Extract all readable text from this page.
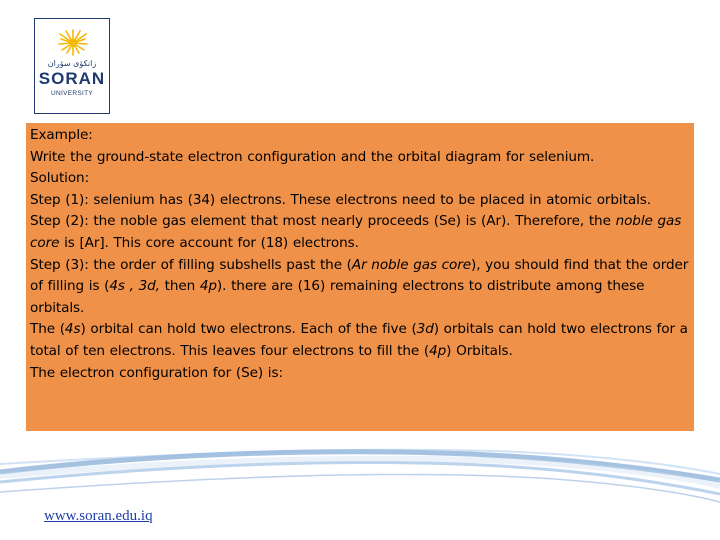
زانكۆی سۆران
SORAN
UNIVERSITY

Example:

Write the ground-state electron configuration and the orbital diagram for selenium.

Solution:

Step (1): selenium has (34) electrons. These electrons need to be placed in atomic orbitals.

Step (2): the noble gas element that most nearly proceeds (Se) is (Ar). Therefore, the noble gas core is [Ar]. This core account for (18) electrons.

Step (3): the order of filling subshells past the (Ar noble gas core), you should find that the order of filling is (4s , 3d, then 4p). there are (16) remaining electrons to distribute among these orbitals.

The (4s) orbital can hold two electrons. Each of the five (3d) orbitals can hold two electrons for a total of ten electrons. This leaves four electrons to fill the (4p) Orbitals.

The electron configuration for (Se) is:

www.soran.edu.iq
